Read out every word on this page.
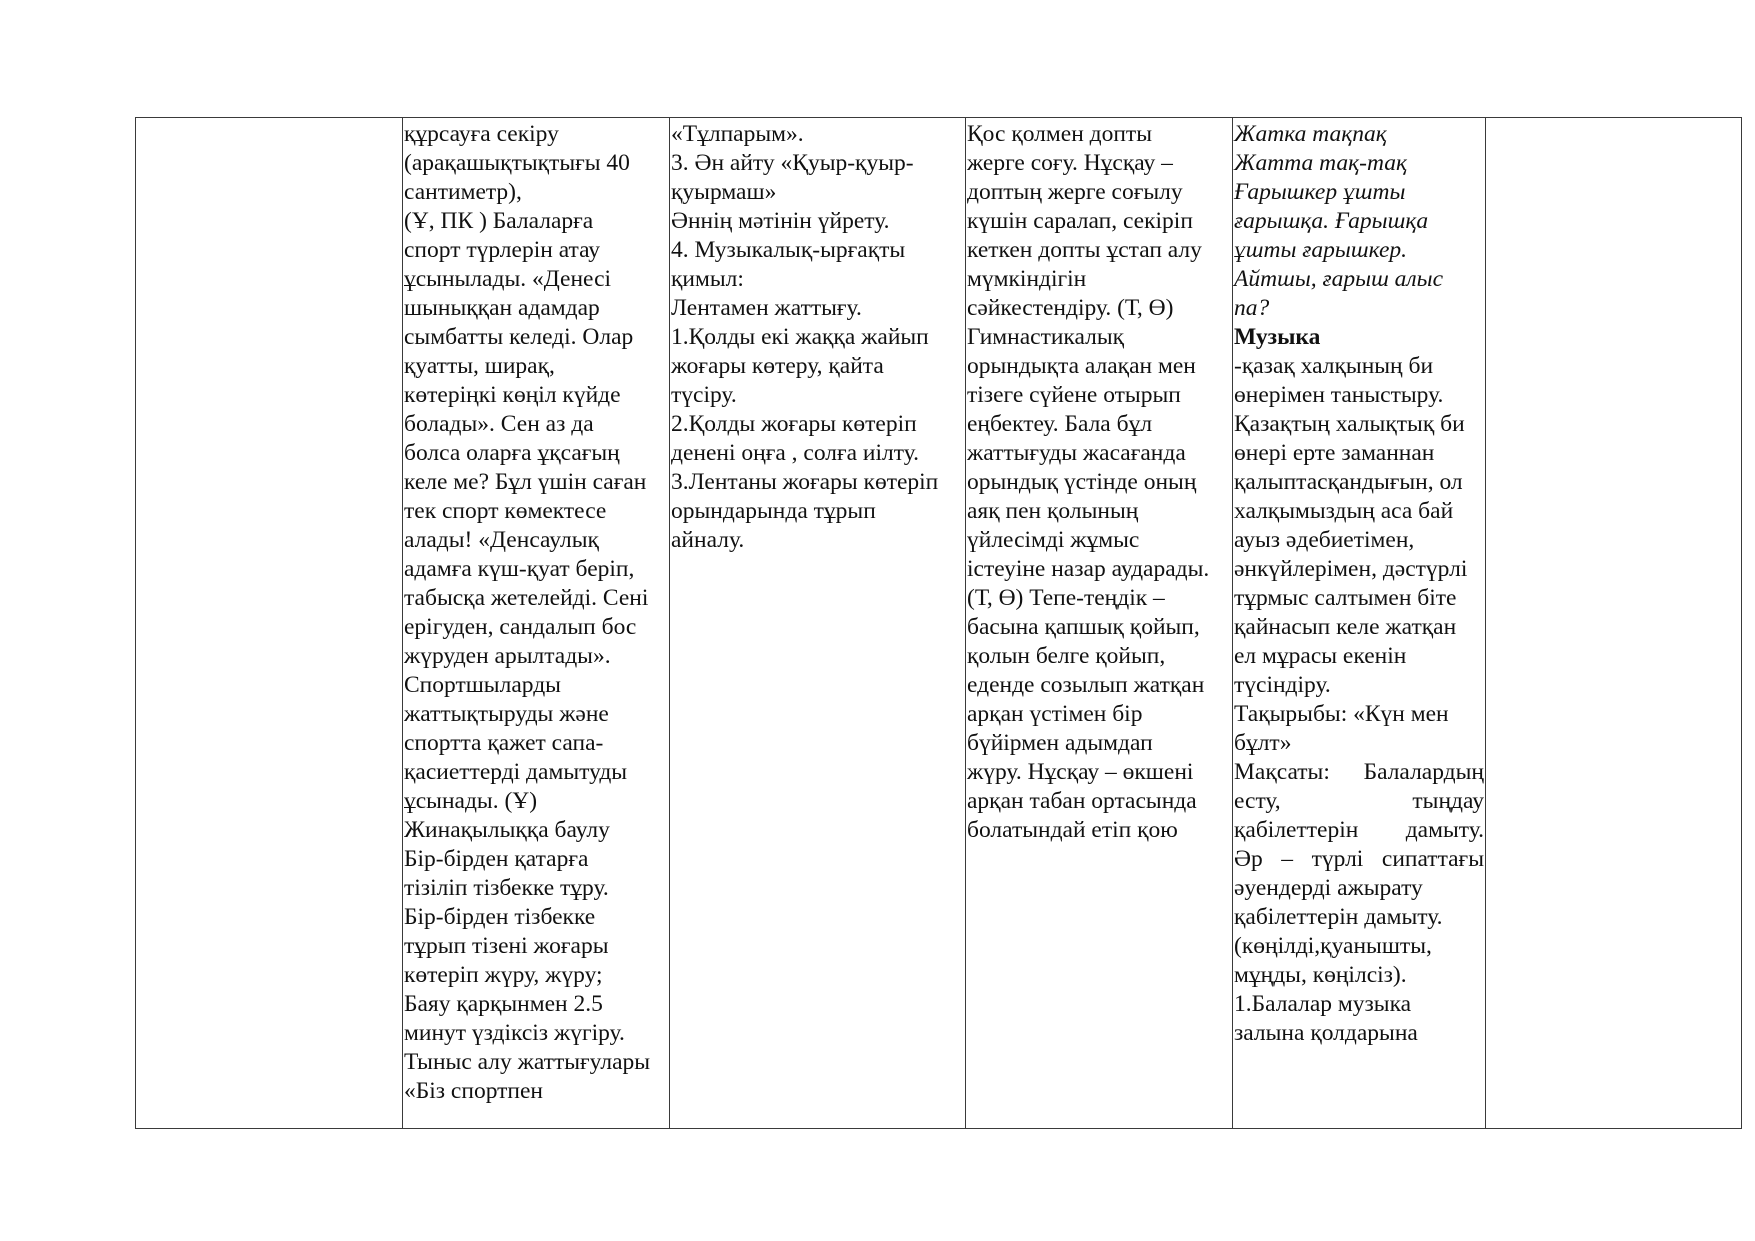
құрсауға секіру
(арақашықтықтығы 40
сантиметр),
(Ұ, ПК ) Балаларға
спорт түрлерін атау
ұсынылады. «Денесі
шыныққан адамдар
сымбатты келеді. Олар
қуатты, ширақ,
көтеріңкі көңіл күйде
болады». Сен аз да
болса оларға ұқсағың
келе ме? Бұл үшін саған
тек спорт көмектесе
алады! «Денсаулық
адамға күш-қуат беріп,
табысқа жетелейді. Сені
ерігуден, сандалып бос
жүруден арылтады».
Спортшыларды
жаттықтыруды және
спортта қажет сапа-
қасиеттерді дамытуды
ұсынады. (Ұ)
Жинақылыққа баулу
Бір-бірден қатарға
тізіліп тізбекке тұру.
Бір-бірден тізбекке
тұрып тізені жоғары
көтеріп жүру, жүру;
Баяу қарқынмен 2.5
минут үздіксіз жүгіру.
Тыныс алу жаттығулары
«Біз спортпен

«Тұлпарым».
3. Ән айту «Қуыр-қуыр-
қуырмаш»
Әннің мәтінін үйрету.
4. Музыкалық-ырғақты
қимыл:
Лентамен жаттығу.
1.Қолды екі жаққа жайып
жоғары көтеру, қайта
түсіру.
2.Қолды жоғары көтеріп
денені оңға , солға иілту.
3.Лентаны жоғары көтеріп
орындарында тұрып
айналу.

Қос қолмен допты
жерге соғу. Нұсқау –
доптың жерге соғылу
күшін саралап, секіріп
кеткен допты ұстап алу
мүмкіндігін
сәйкестендіру. (Т, Ө)
Гимнастикалық
орындықта алақан мен
тізеге сүйене отырып
еңбектеу. Бала бұл
жаттығуды жасағанда
орындық үстінде оның
аяқ пен қолының
үйлесімді жұмыс
істеуіне назар аударады.
(Т, Ө) Тепе-теңдік –
басына қапшық қойып,
қолын белге қойып,
еденде созылып жатқан
арқан үстімен бір
бүйірмен адымдап
жүру. Нұсқау – өкшені
арқан табан ортасында
болатындай етіп қою

Жатка тақпақ
Жатта тақ-тақ
Ғарышкер ұшты
ғарышқа. Ғарышқа
ұшты ғарышкер.
Айтшы, ғарыш алыс
па?
Музыка
-қазақ халқының би
өнерімен таныстыру.
Қазақтың халықтық би
өнері ерте заманнан
қалыптасқандығын, ол
халқымыздың аса бай
ауыз әдебиетімен,
әнкүйлерімен, дәстүрлі
тұрмыс салтымен біте
қайнасып келе жатқан
ел мұрасы екенін
түсіндіру.
Тақырыбы: «Күн мен
бұлт»
Мақсаты: Балалардың
есту,	тыңдау
қабілеттерін дамыту.
Әр – түрлі сипаттағы
әуендерді ажырату
қабілеттерін дамыту.
(көңілді,қуанышты,
мұңды, көңілсіз).
1.Балалар музыка
залына қолдарына
